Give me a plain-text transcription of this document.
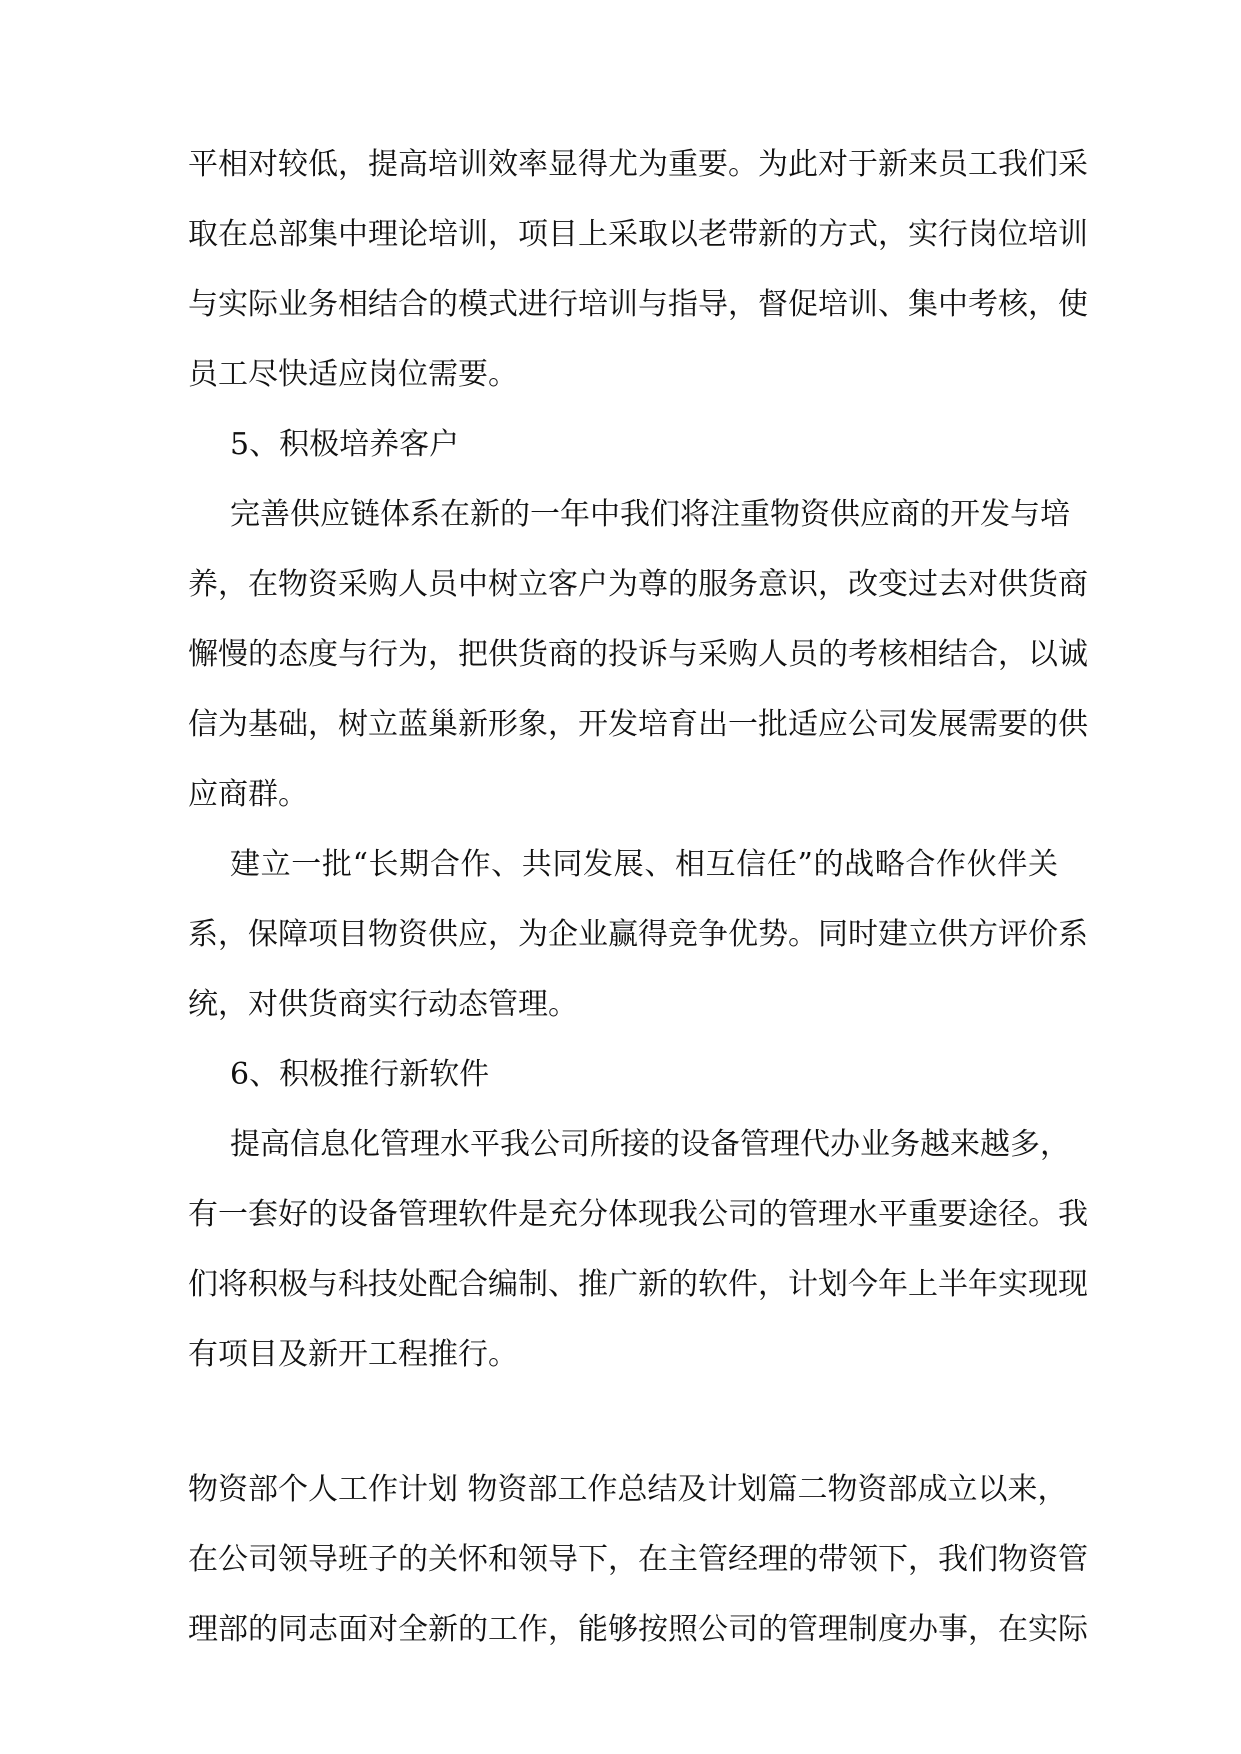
平相对较低，提高培训效率显得尤为重要。为此对于新来员工我们采
取在总部集中理论培训，项目上采取以老带新的方式，实行岗位培训
与实际业务相结合的模式进行培训与指导，督促培训、集中考核，使
员工尽快适应岗位需要。
5、积极培养客户
完善供应链体系在新的一年中我们将注重物资供应商的开发与培
养，在物资采购人员中树立客户为尊的服务意识，改变过去对供货商
懈慢的态度与行为，把供货商的投诉与采购人员的考核相结合，以诚
信为基础，树立蓝巢新形象，开发培育出一批适应公司发展需要的供
应商群。
建立一批“长期合作、共同发展、相互信任”的战略合作伙伴关
系，保障项目物资供应，为企业赢得竞争优势。同时建立供方评价系
统，对供货商实行动态管理。
6、积极推行新软件
提高信息化管理水平我公司所接的设备管理代办业务越来越多，
有一套好的设备管理软件是充分体现我公司的管理水平重要途径。我
们将积极与科技处配合编制、推广新的软件，计划今年上半年实现现
有项目及新开工程推行。
物资部个人工作计划 物资部工作总结及计划篇二物资部成立以来，
在公司领导班子的关怀和领导下，在主管经理的带领下，我们物资管
理部的同志面对全新的工作，能够按照公司的管理制度办事，在实际
